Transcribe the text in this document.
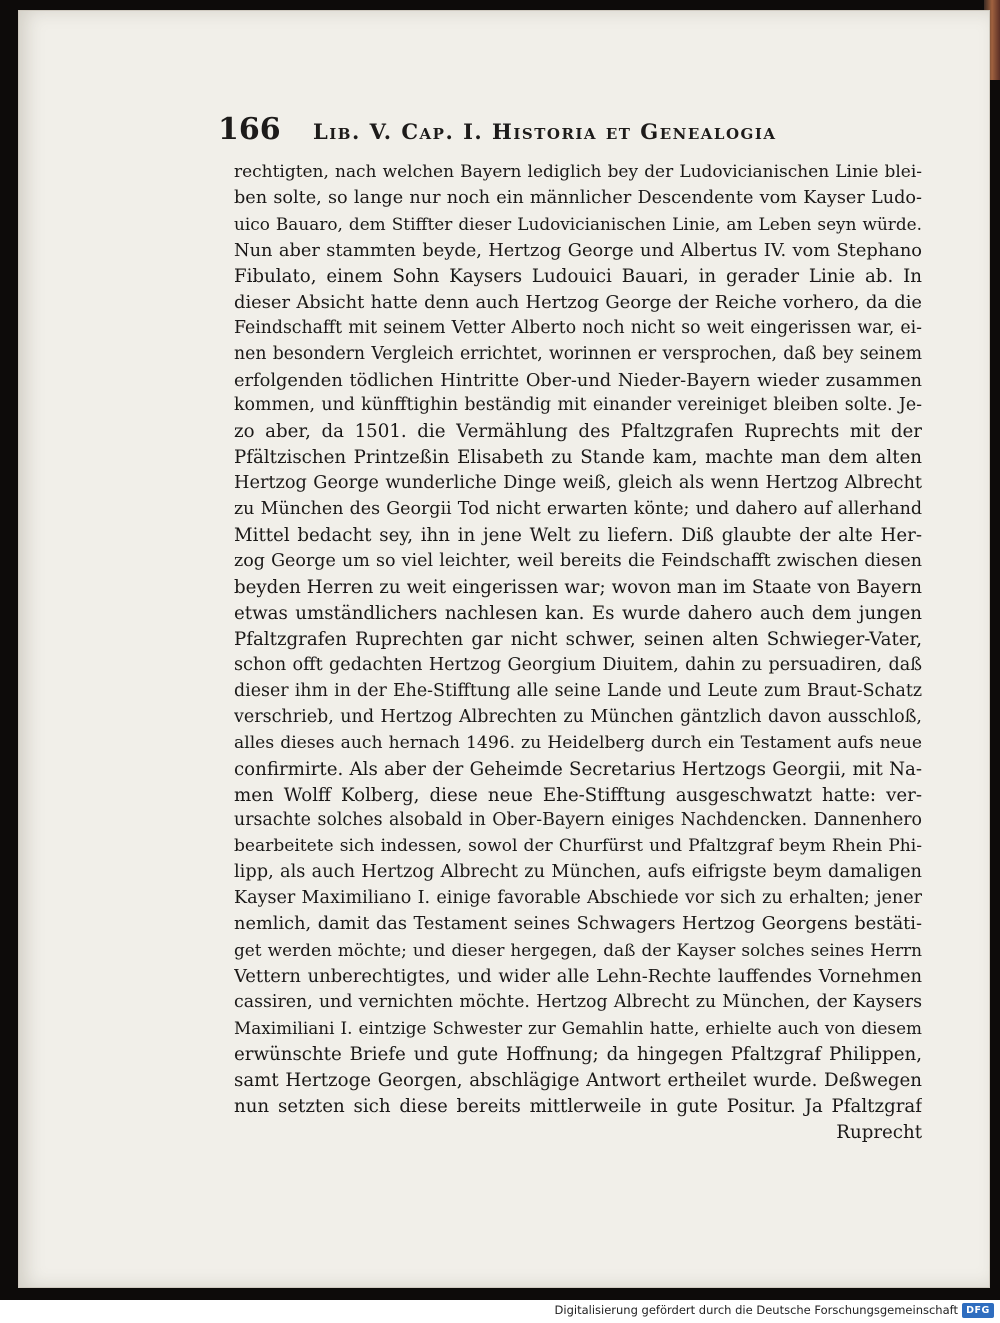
166	Lib. V. Cap. I. Historia et Genealogia
rechtigten, nach welchen Bayern lediglich bey der Ludovicianischen Linie blei-
ben solte, so lange nur noch ein männlicher Descendente vom Kayser Ludo-
uico Bauaro, dem Stiffter dieser Ludovicianischen Linie, am Leben seyn würde.
Nun aber stammten beyde, Hertzog George und Albertus IV. vom Stephano
Fibulato, einem Sohn Kaysers Ludouici Bauari, in gerader Linie ab. In
dieser Absicht hatte denn auch Hertzog George der Reiche vorhero, da die
Feindschafft mit seinem Vetter Alberto noch nicht so weit eingerissen war, ei-
nen besondern Vergleich errichtet, worinnen er versprochen, daß bey seinem
erfolgenden tödlichen Hintritte Ober-und Nieder-Bayern wieder zusammen
kommen, und künfftighin beständig mit einander vereiniget bleiben solte. Je-
zo aber, da 1501. die Vermählung des Pfaltzgrafen Ruprechts mit der
Pfältzischen Printzeßin Elisabeth zu Stande kam, machte man dem alten
Hertzog George wunderliche Dinge weiß, gleich als wenn Hertzog Albrecht
zu München des Georgii Tod nicht erwarten könte; und dahero auf allerhand
Mittel bedacht sey, ihn in jene Welt zu liefern. Diß glaubte der alte Her-
zog George um so viel leichter, weil bereits die Feindschafft zwischen diesen
beyden Herren zu weit eingerissen war; wovon man im Staate von Bayern
etwas umständlichers nachlesen kan. Es wurde dahero auch dem jungen
Pfaltzgrafen Ruprechten gar nicht schwer, seinen alten Schwieger-Vater,
schon offt gedachten Hertzog Georgium Diuitem, dahin zu persuadiren, daß
dieser ihm in der Ehe-Stifftung alle seine Lande und Leute zum Braut-Schatz
verschrieb, und Hertzog Albrechten zu München gäntzlich davon ausschloß,
alles dieses auch hernach 1496. zu Heidelberg durch ein Testament aufs neue
confirmirte. Als aber der Geheimde Secretarius Hertzogs Georgii, mit Na-
men Wolff Kolberg, diese neue Ehe-Stifftung ausgeschwatzt hatte: ver-
ursachte solches alsobald in Ober-Bayern einiges Nachdencken. Dannenhero
bearbeitete sich indessen, sowol der Churfürst und Pfaltzgraf beym Rhein Phi-
lipp, als auch Hertzog Albrecht zu München, aufs eifrigste beym damaligen
Kayser Maximiliano I. einige favorable Abschiede vor sich zu erhalten; jener
nemlich, damit das Testament seines Schwagers Hertzog Georgens bestäti-
get werden möchte; und dieser hergegen, daß der Kayser solches seines Herrn
Vettern unberechtigtes, und wider alle Lehn-Rechte lauffendes Vornehmen
cassiren, und vernichten möchte. Hertzog Albrecht zu München, der Kaysers
Maximiliani I. eintzige Schwester zur Gemahlin hatte, erhielte auch von diesem
erwünschte Briefe und gute Hoffnung; da hingegen Pfaltzgraf Philippen,
samt Hertzoge Georgen, abschlägige Antwort ertheilet wurde. Deßwegen
nun setzten sich diese bereits mittlerweile in gute Positur. Ja Pfaltzgraf
Ruprecht
Digitalisierung gefördert durch die Deutsche Forschungsgemeinschaft DFG
